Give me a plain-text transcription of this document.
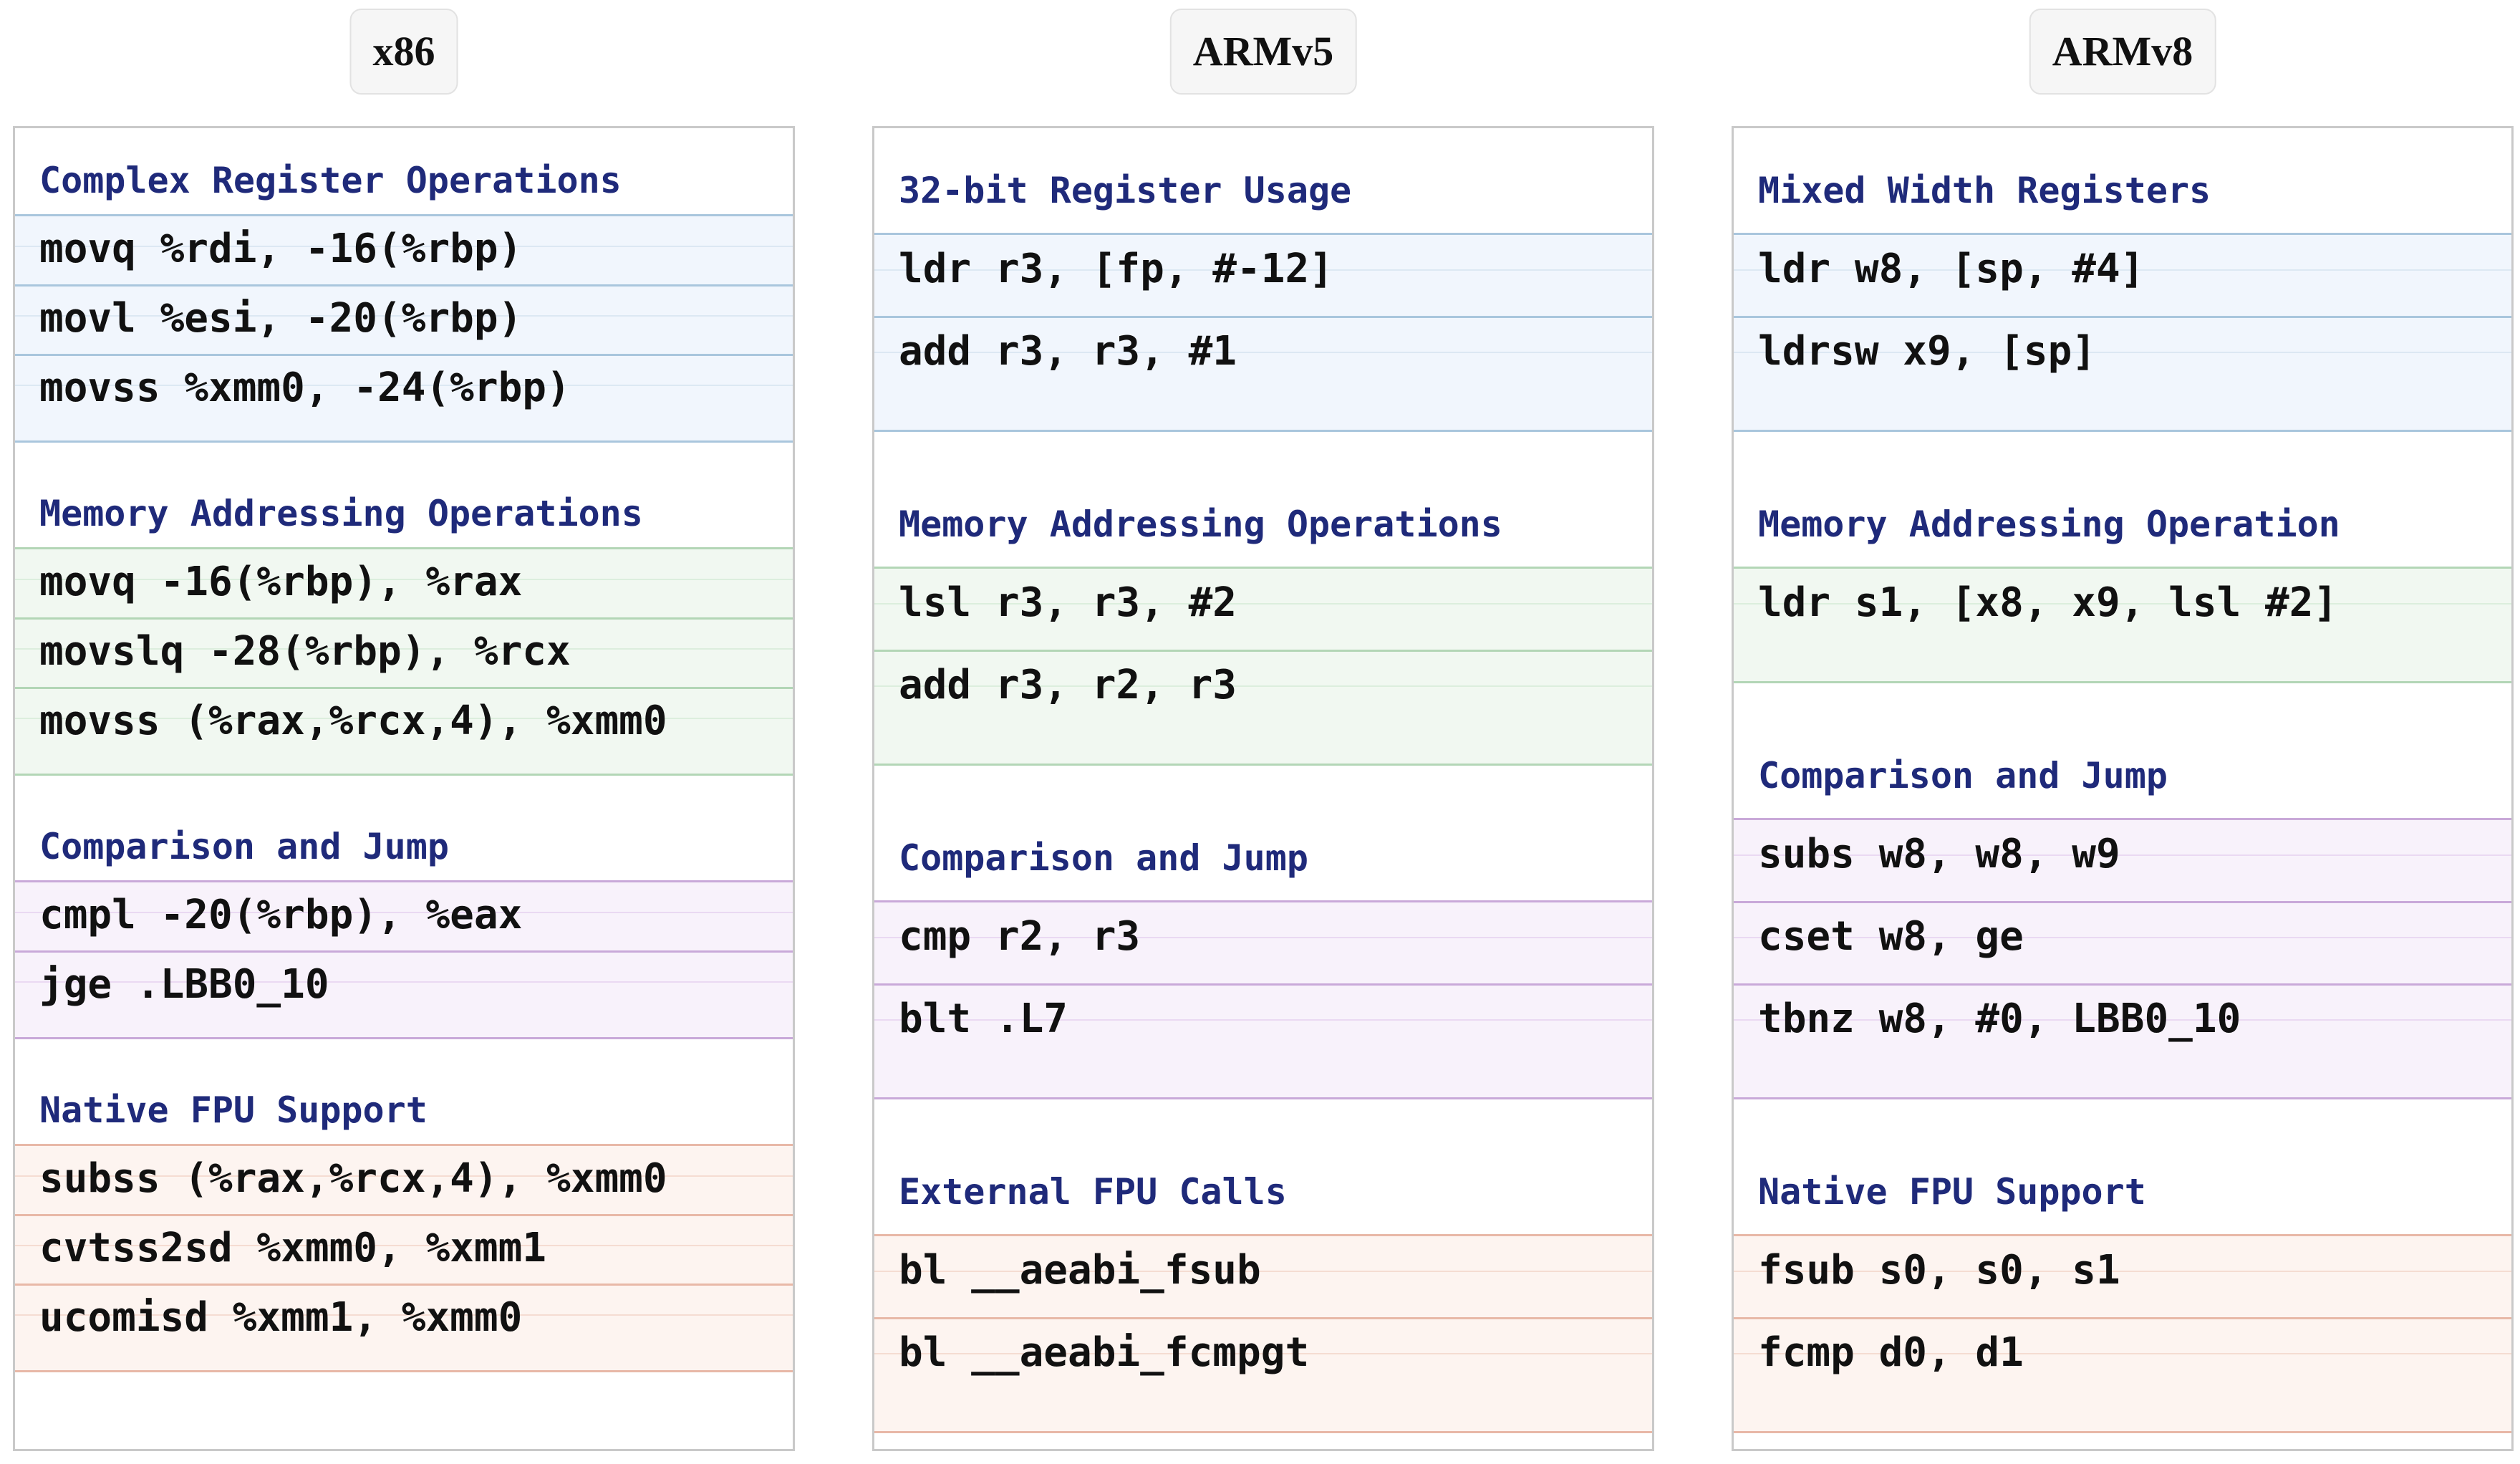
x86
Complex Register Operations
movq %rdi, -16(%rbp)
movl %esi, -20(%rbp)
movss %xmm0, -24(%rbp)
Memory Addressing Operations
movq -16(%rbp), %rax
movslq -28(%rbp), %rcx
movss (%rax,%rcx,4), %xmm0
Comparison and Jump
cmpl -20(%rbp), %eax
jge .LBB0_10
Native FPU Support
subss (%rax,%rcx,4), %xmm0
cvtss2sd %xmm0, %xmm1
ucomisd %xmm1, %xmm0
ARMv5
32-bit Register Usage
ldr r3, [fp, #-12]
add r3, r3, #1
Memory Addressing Operations
lsl r3, r3, #2
add r3, r2, r3
Comparison and Jump
cmp r2, r3
blt .L7
External FPU Calls
bl __aeabi_fsub
bl __aeabi_fcmpgt
ARMv8
Mixed Width Registers
ldr w8, [sp, #4]
ldrsw x9, [sp]
Memory Addressing Operation
ldr s1, [x8, x9, lsl #2]
Comparison and Jump
subs w8, w8, w9
cset w8, ge
tbnz w8, #0, LBB0_10
Native FPU Support
fsub s0, s0, s1
fcmp d0, d1
